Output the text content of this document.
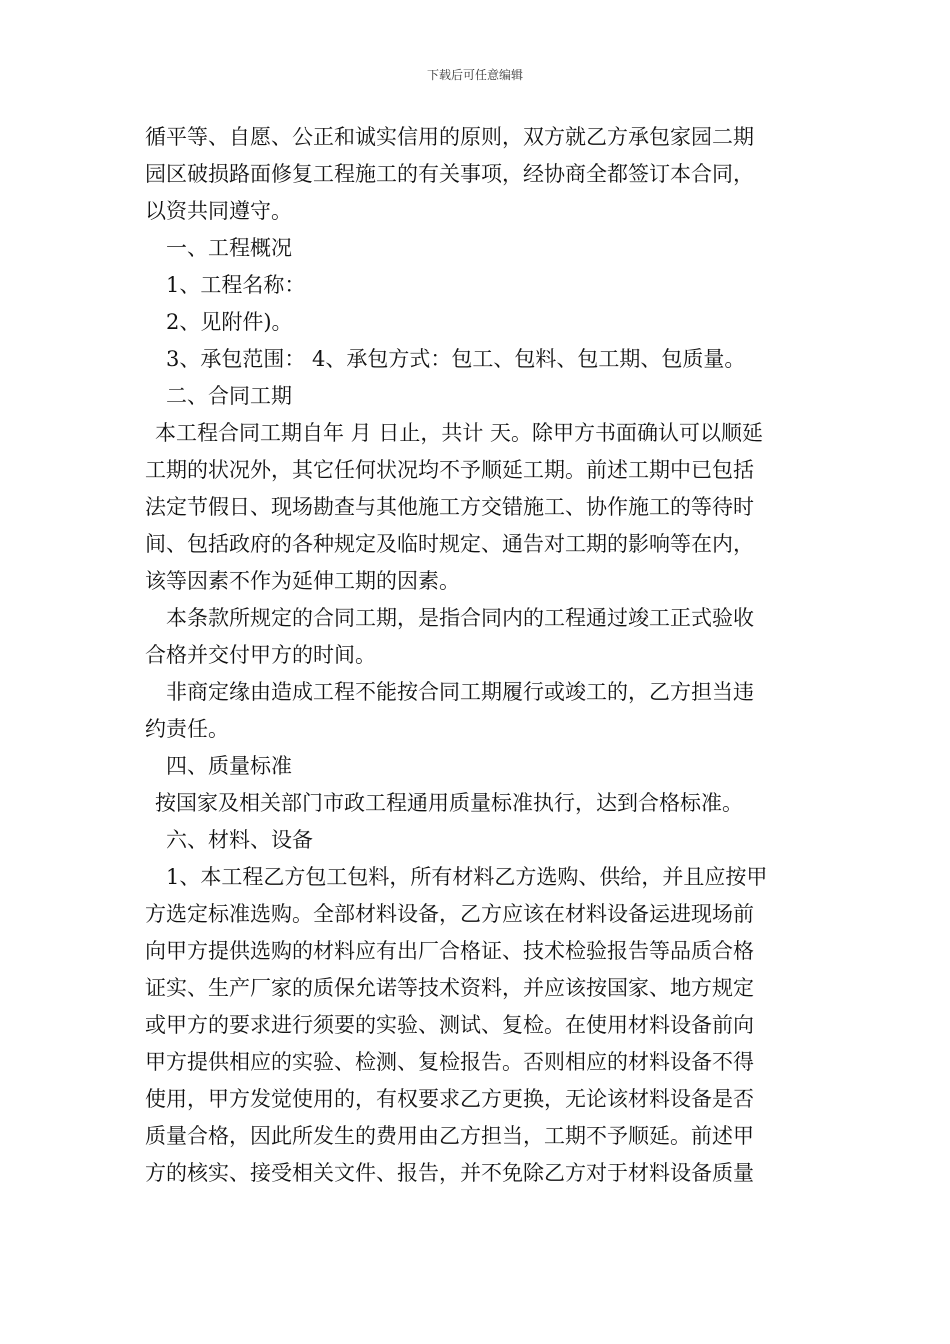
下载后可任意编辑
循平等、自愿、公正和诚实信用的原则，双方就乙方承包家园二期
园区破损路面修复工程施工的有关事项，经协商全都签订本合同，
以资共同遵守。
一、工程概况
1、工程名称：
2、见附件)。
3、承包范围： 4、承包方式：包工、包料、包工期、包质量。
二、合同工期
本工程合同工期自年 月 日止，共计 天。除甲方书面确认可以顺延
工期的状况外，其它任何状况均不予顺延工期。前述工期中已包括
法定节假日、现场勘查与其他施工方交错施工、协作施工的等待时
间、包括政府的各种规定及临时规定、通告对工期的影响等在内，
该等因素不作为延伸工期的因素。
本条款所规定的合同工期，是指合同内的工程通过竣工正式验收
合格并交付甲方的时间。
非商定缘由造成工程不能按合同工期履行或竣工的，乙方担当违
约责任。
四、质量标准
按国家及相关部门市政工程通用质量标准执行，达到合格标准。
六、材料、设备
1、本工程乙方包工包料，所有材料乙方选购、供给，并且应按甲
方选定标准选购。全部材料设备，乙方应该在材料设备运进现场前
向甲方提供选购的材料应有出厂合格证、技术检验报告等品质合格
证实、生产厂家的质保允诺等技术资料，并应该按国家、地方规定
或甲方的要求进行须要的实验、测试、复检。在使用材料设备前向
甲方提供相应的实验、检测、复检报告。否则相应的材料设备不得
使用，甲方发觉使用的，有权要求乙方更换，无论该材料设备是否
质量合格，因此所发生的费用由乙方担当，工期不予顺延。前述甲
方的核实、接受相关文件、报告，并不免除乙方对于材料设备质量
